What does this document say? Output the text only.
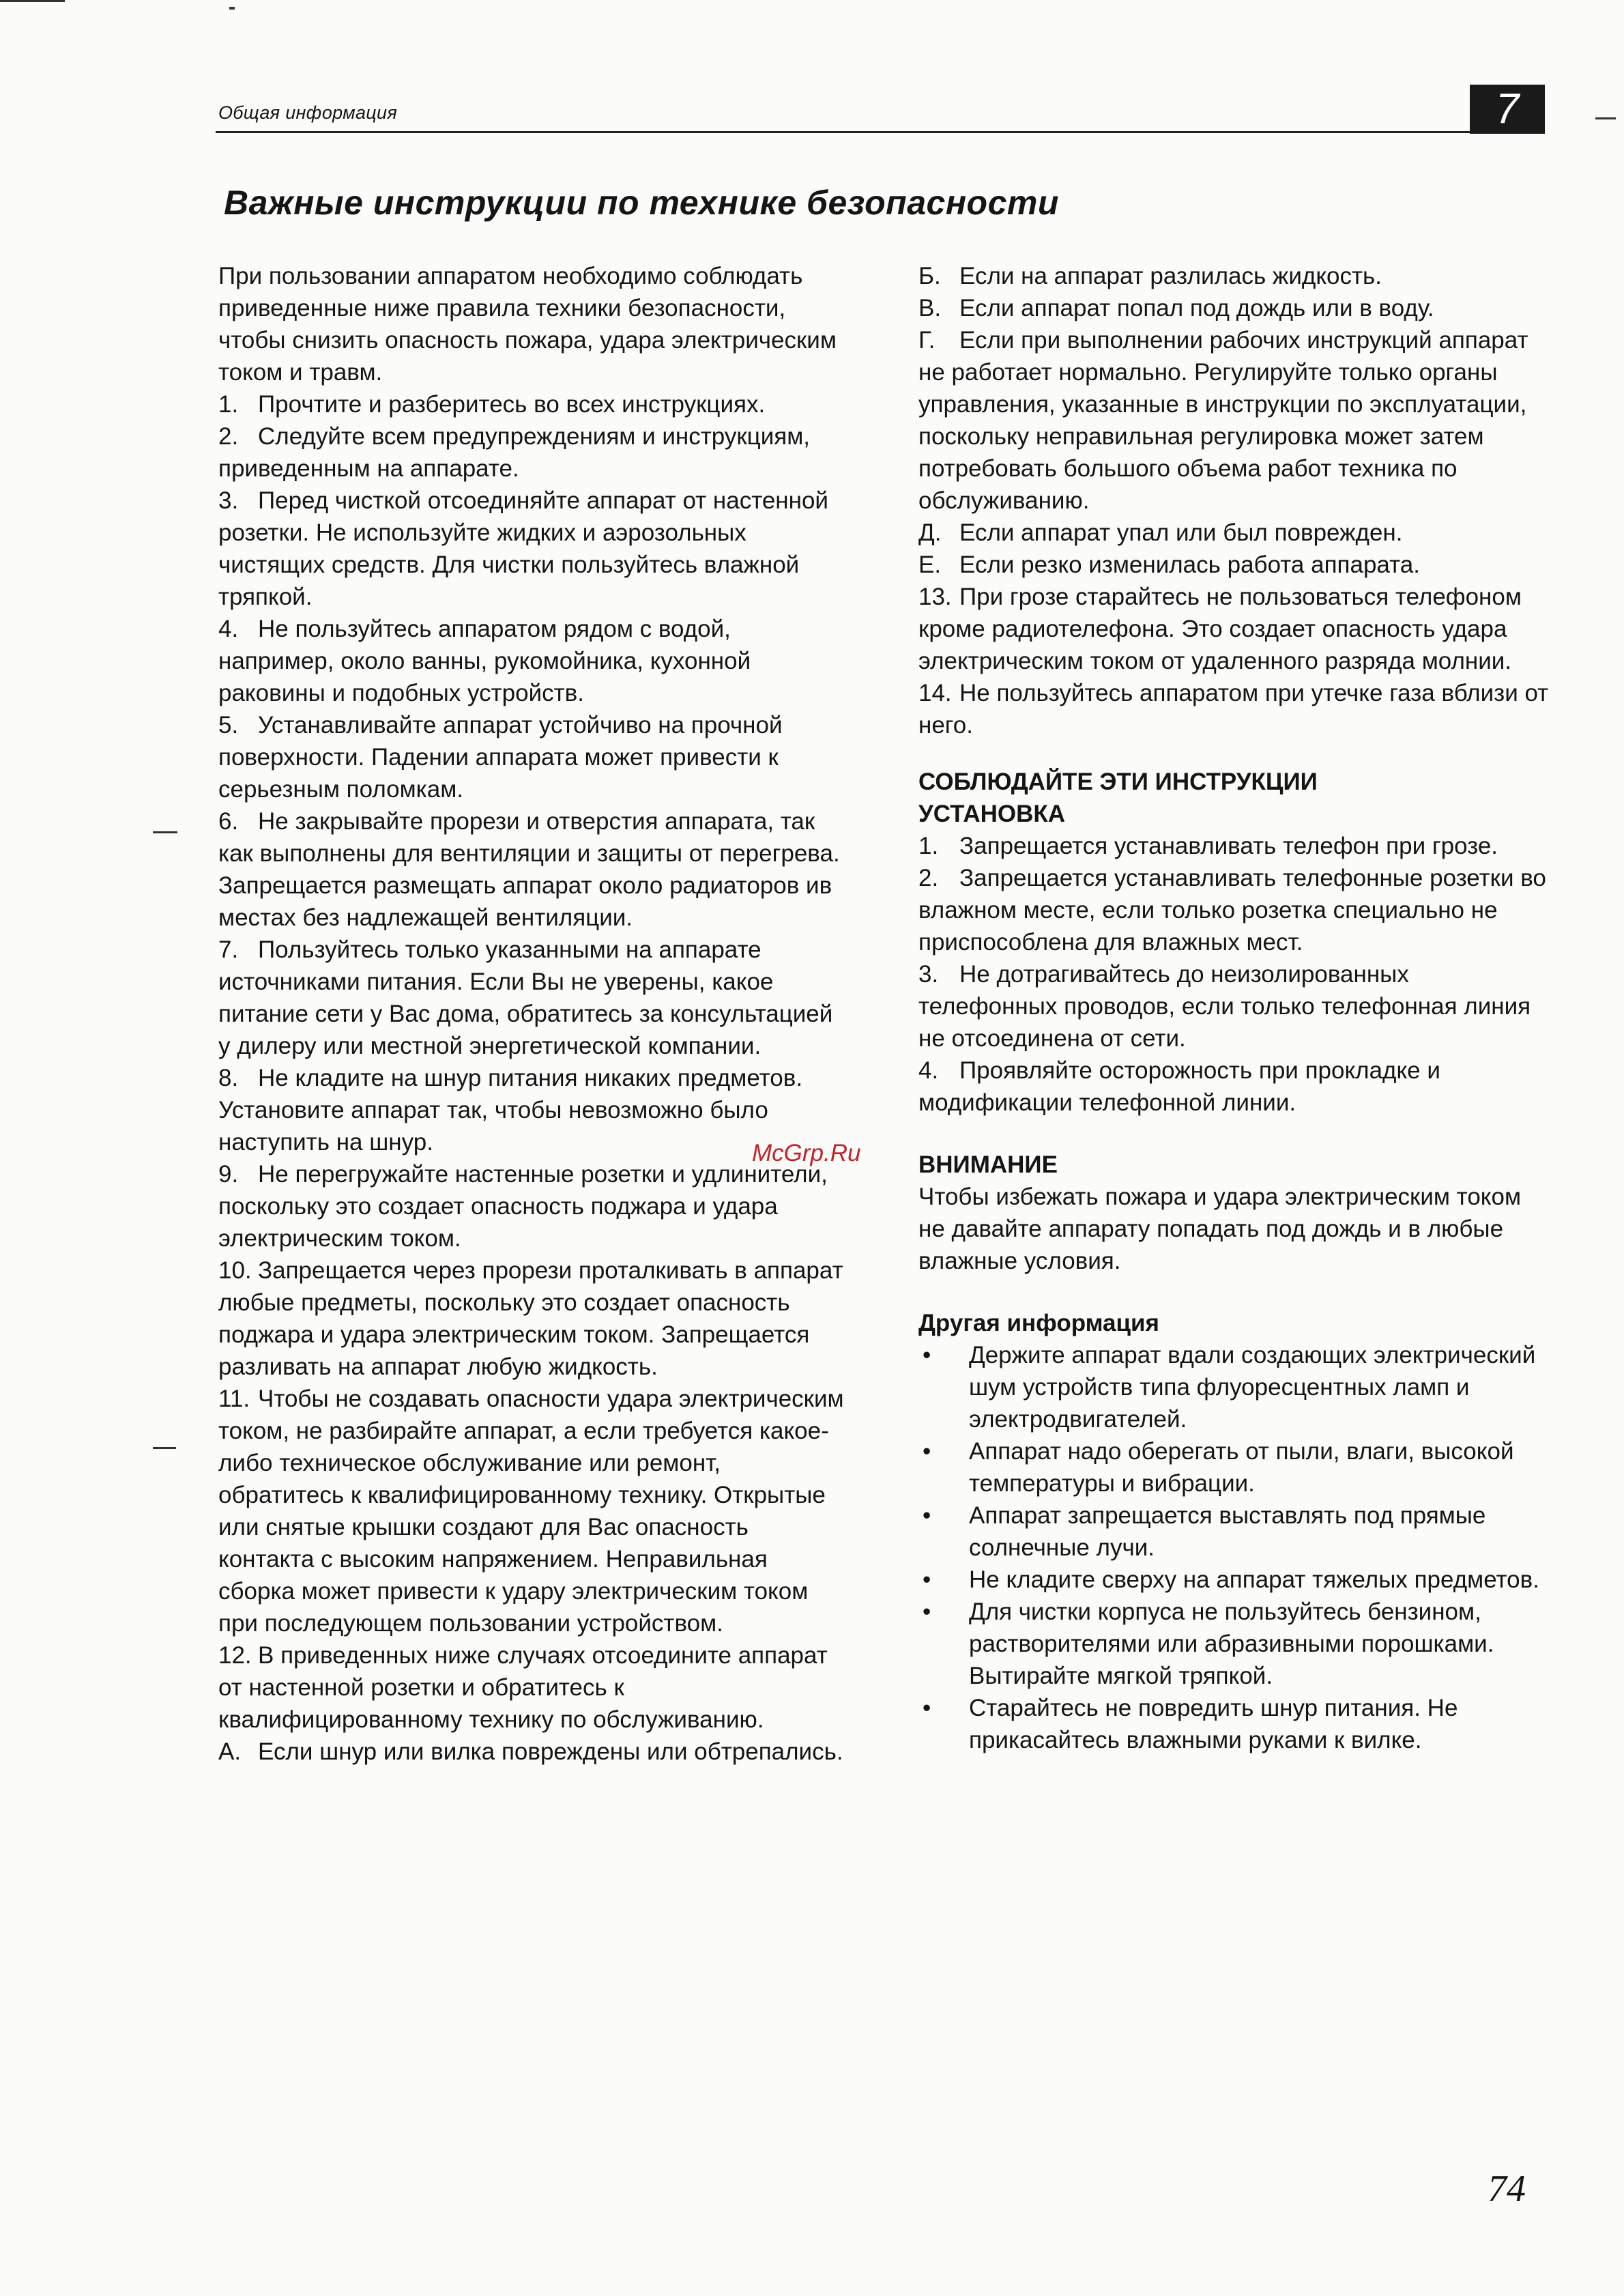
Общая информация	7
Важные инструкции по технике безопасности

При пользовании аппаратом необходимо соблюдать приведенные ниже правила техники безопасности, чтобы снизить опасность пожара, удара электрическим током и травм.

1. Прочтите и разберитесь во всех инструкциях.

2. Следуйте всем предупреждениям и инструкциям, приведенным на аппарате.

3. Перед чисткой отсоединяйте аппарат от настенной розетки. Не используйте жидких и аэрозольных чистящих средств. Для чистки пользуйтесь влажной тряпкой.

4. Не пользуйтесь аппаратом рядом с водой, например, около ванны, рукомойника, кухонной раковины и подобных устройств.

5. Устанавливайте аппарат устойчиво на прочной поверхности. Падении аппарата может привести к серьезным поломкам.

6. Не закрывайте прорези и отверстия аппарата, так как выполнены для вентиляции и защиты от перегрева. Запрещается размещать аппарат около радиаторов ив местах без надлежащей вентиляции.

7. Пользуйтесь только указанными на аппарате источниками питания. Если Вы не уверены, какое питание сети у Вас дома, обратитесь за консультацией у дилеру или местной энергетической компании.

8. Не кладите на шнур питания никаких предметов. Установите аппарат так, чтобы невозможно было наступить на шнур.

9. Не перегружайте настенные розетки и удлинители, поскольку это создает опасность поджара и удара электрическим током.

10. Запрещается через прорези проталкивать в аппарат любые предметы, поскольку это создает опасность поджара и удара электрическим током. Запрещается разливать на аппарат любую жидкость.

11. Чтобы не создавать опасности удара электрическим током, не разбирайте аппарат, а если требуется какое-либо техническое обслуживание или ремонт, обратитесь к квалифицированному технику. Открытые или снятые крышки создают для Вас опасность контакта с высоким напряжением. Неправильная сборка может привести к удару электрическим током при последующем пользовании устройством.

12. В приведенных ниже случаях отсоедините аппарат от настенной розетки и обратитесь к квалифицированному технику по обслуживанию.

А. Если шнур или вилка повреждены или обтрепались.

Б. Если на аппарат разлилась жидкость.

В. Если аппарат попал под дождь или в воду.

Г. Если при выполнении рабочих инструкций аппарат не работает нормально. Регулируйте только органы управления, указанные в инструкции по эксплуатации, поскольку неправильная регулировка может затем потребовать большого объема работ техника по обслуживанию.

Д. Если аппарат упал или был поврежден.

Е. Если резко изменилась работа аппарата.

13. При грозе старайтесь не пользоваться телефоном кроме радиотелефона. Это создает опасность удара электрическим током от удаленного разряда молнии.

14. Не пользуйтесь аппаратом при утечке газа вблизи от него.

СОБЛЮДАЙТЕ ЭТИ ИНСТРУКЦИИ

УСТАНОВКА

1. Запрещается устанавливать телефон при грозе.

2. Запрещается устанавливать телефонные розетки во влажном месте, если только розетка специально не приспособлена для влажных мест.

3. Не дотрагивайтесь до неизолированных телефонных проводов, если только телефонная линия не отсоединена от сети.

4. Проявляйте осторожность при прокладке и модификации телефонной линии.

ВНИМАНИЕ

Чтобы избежать пожара и удара электрическим током не давайте аппарату попадать под дождь и в любые влажные условия.

Другая информация

• Держите аппарат вдали создающих электрический шум устройств типа флуоресцентных ламп и электродвигателей.
• Аппарат надо оберегать от пыли, влаги, высокой температуры и вибрации.
• Аппарат запрещается выставлять под прямые солнечные лучи.
• Не кладите сверху на аппарат тяжелых предметов.
• Для чистки корпуса не пользуйтесь бензином, растворителями или абразивными порошками. Вытирайте мягкой тряпкой.
• Старайтесь не повредить шнур питания. Не прикасайтесь влажными руками к вилке.
McGrp.Ru
74
